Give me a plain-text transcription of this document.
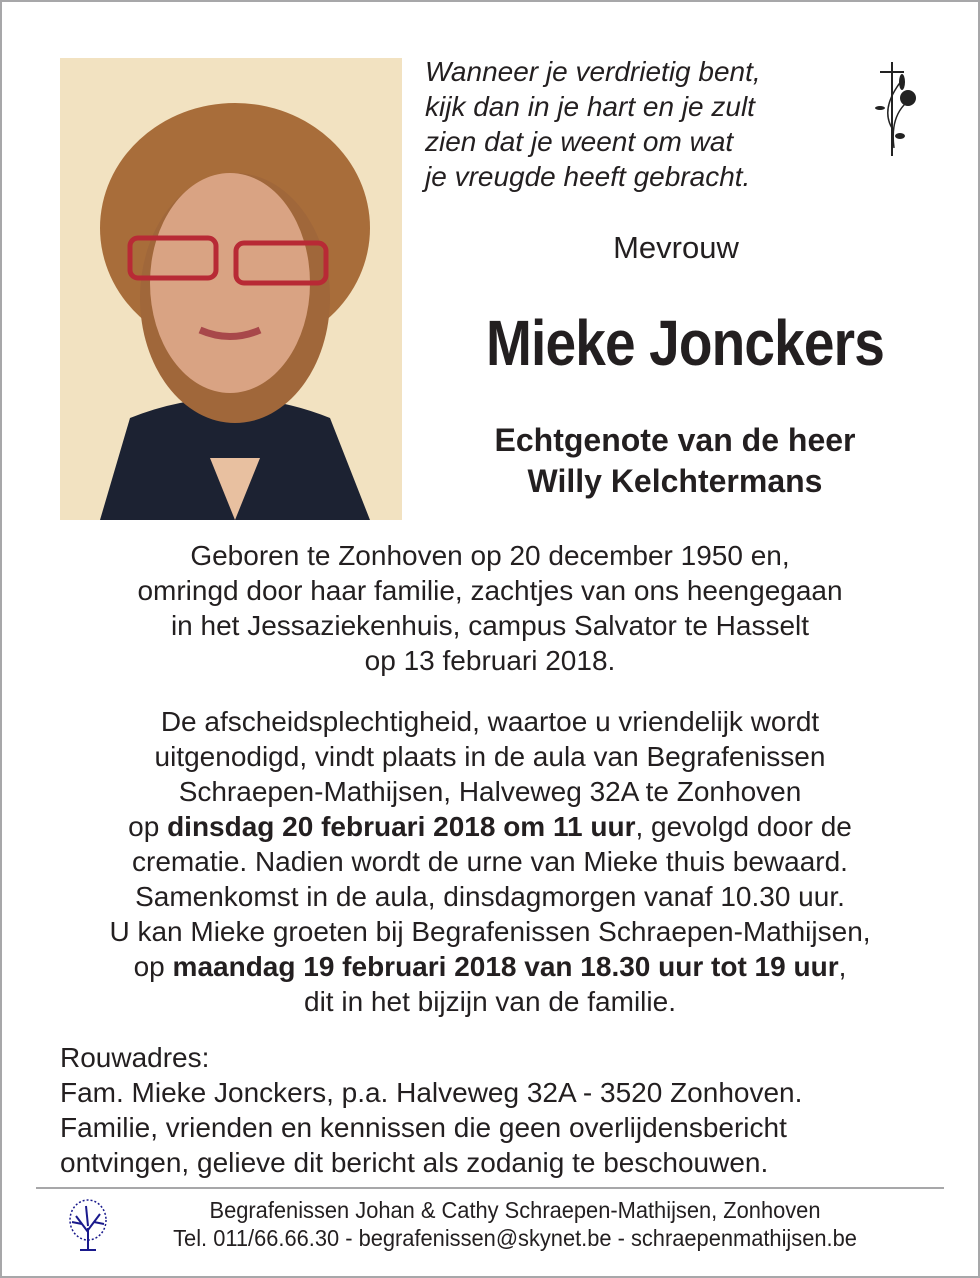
Wanneer je verdrietig bent,
kijk dan in je hart en je zult
zien dat je weent om wat
je vreugde heeft gebracht.
Mevrouw
Mieke Jonckers
Echtgenote van de heer
Willy Kelchtermans
Geboren te Zonhoven op 20 december 1950 en,
omringd door haar familie, zachtjes van ons heengegaan
in het Jessaziekenhuis, campus Salvator te Hasselt
op 13 februari 2018.
De afscheidsplechtigheid, waartoe u vriendelijk wordt
uitgenodigd, vindt plaats in de aula van Begrafenissen
Schraepen-Mathijsen, Halveweg 32A te Zonhoven
op dinsdag 20 februari 2018 om 11 uur, gevolgd door de
crematie. Nadien wordt de urne van Mieke thuis bewaard.
Samenkomst in de aula, dinsdagmorgen vanaf 10.30 uur.
U kan Mieke groeten bij Begrafenissen Schraepen-Mathijsen,
op maandag 19 februari 2018 van 18.30 uur tot 19 uur,
dit in het bijzijn van de familie.
Rouwadres:
Fam. Mieke Jonckers, p.a. Halveweg 32A - 3520 Zonhoven.
Familie, vrienden en kennissen die geen overlijdensbericht
ontvingen, gelieve dit bericht als zodanig te beschouwen.
Begrafenissen Johan & Cathy Schraepen-Mathijsen, Zonhoven
Tel. 011/66.66.30 - begrafenissen@skynet.be - schraepenmathijsen.be
